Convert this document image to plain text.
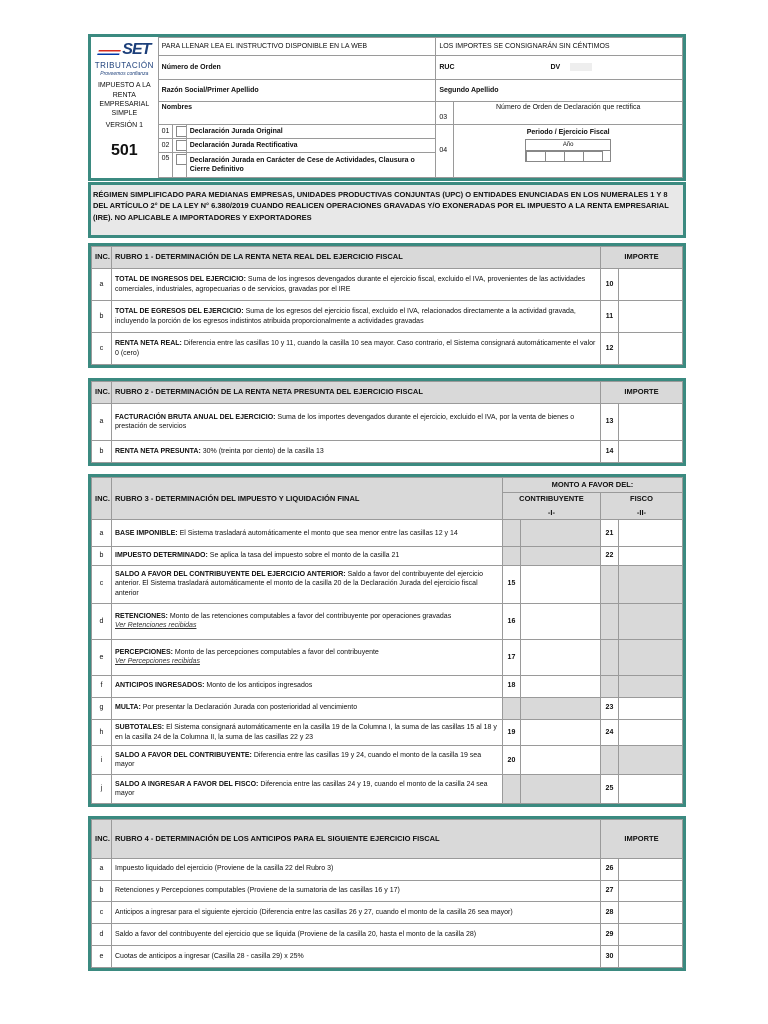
SET
TRIBUTACIÓN
Proveemos confianza	PARA LLENAR LEA EL INSTRUCTIVO DISPONIBLE EN LA WEB			LOS IMPORTES SE CONSIGNARÁN SIN CÉNTIMOS	
	Número de Orden			RUC DV	

IMPUESTO A LA RENTA EMPRESARIAL SIMPLE
VERSIÓN 1
501	Razón Social/Primer Apellido			Segundo Apellido	
	Nombres			03	Número de Orden de Declaración que rectifica
	01		Declaración Jurada Original	04	Periodo / Ejercicio Fiscal
Año

	02		Declaración Jurada Rectificativa		
	05		Declaración Jurada en Carácter de Cese de Actividades, Clausura o Cierre Definitivo		
RÉGIMEN SIMPLIFICADO PARA MEDIANAS EMPRESAS, UNIDADES PRODUCTIVAS CONJUNTAS (UPC) O ENTIDADES ENUNCIADAS EN LOS NUMERALES 1 Y 8 DEL ARTÍCULO 2° DE LA LEY N° 6.380/2019 CUANDO REALICEN OPERACIONES GRAVADAS Y/O EXONERADAS POR EL IMPUESTO A LA RENTA EMPRESARIAL (IRE). NO APLICABLE A IMPORTADORES Y EXPORTADORES
INC.	RUBRO 1 - DETERMINACIÓN DE LA RENTA NETA REAL DEL EJERCICIO FISCAL	IMPORTE	
a	TOTAL DE INGRESOS DEL EJERCICIO: Suma de los ingresos devengados durante el ejercicio fiscal, excluido el IVA, provenientes de las actividades comerciales, industriales, agropecuarias o de servicios, gravadas por el IRE	10	
b	TOTAL DE EGRESOS DEL EJERCICIO: Suma de los egresos del ejercicio fiscal, excluido el IVA, relacionados directamente a la actividad gravada, incluyendo la porción de los egresos indistintos atribuida proporcionalmente a actividades gravadas	11	
c	RENTA NETA REAL: Diferencia entre las casillas 10 y 11, cuando la casilla 10 sea mayor. Caso contrario, el Sistema consignará automáticamente el valor 0 (cero)	12	
INC.	RUBRO 2 - DETERMINACIÓN DE LA RENTA NETA PRESUNTA DEL EJERCICIO FISCAL	IMPORTE	
a	FACTURACIÓN BRUTA ANUAL DEL EJERCICIO: Suma de los importes devengados durante el ejercicio, excluido el IVA, por la venta de bienes o prestación de servicios	13	
b	RENTA NETA PRESUNTA: 30% (treinta por ciento) de la casilla 13	14	
INC.	RUBRO 3 - DETERMINACIÓN DEL IMPUESTO Y LIQUIDACIÓN FINAL	MONTO A FAVOR DEL:			
		CONTRIBUYENTE		FISCO	
		-I-		-II-	
a	BASE IMPONIBLE: El Sistema trasladará automáticamente el monto que sea menor entre las casillas 12 y 14			21	
b	IMPUESTO DETERMINADO: Se aplica la tasa del impuesto sobre el monto de la casilla 21			22	
c	SALDO A FAVOR DEL CONTRIBUYENTE DEL EJERCICIO ANTERIOR: Saldo a favor del contribuyente del ejercicio anterior. El Sistema trasladará automáticamente el monto de la casilla 20 de la Declaración Jurada del ejercicio fiscal anterior	15			
d	RETENCIONES: Monto de las retenciones computables a favor del contribuyente por operaciones gravadas
Ver Retenciones recibidas	16			
e	PERCEPCIONES: Monto de las percepciones computables a favor del contribuyente
Ver Percepciones recibidas	17			
f	ANTICIPOS INGRESADOS: Monto de los anticipos ingresados	18			
g	MULTA: Por presentar la Declaración Jurada con posterioridad al vencimiento			23	
h	SUBTOTALES: El Sistema consignará automáticamente en la casilla 19 de la Columna I, la suma de las casillas 15 al 18 y en la casilla 24 de la Columna II, la suma de las casillas 22 y 23	19		24	
i	SALDO A FAVOR DEL CONTRIBUYENTE: Diferencia entre las casillas 19 y 24, cuando el monto de la casilla 19 sea mayor	20			
j	SALDO A INGRESAR A FAVOR DEL FISCO: Diferencia entre las casillas 24 y 19, cuando el monto de la casilla 24 sea mayor			25	
INC.	RUBRO 4 - DETERMINACIÓN DE LOS ANTICIPOS PARA EL SIGUIENTE EJERCICIO FISCAL	IMPORTE	
a	Impuesto liquidado del ejercicio (Proviene de la casilla 22 del Rubro 3)	26	
b	Retenciones y Percepciones computables (Proviene de la sumatoria de las casillas 16 y 17)	27	
c	Anticipos a ingresar para el siguiente ejercicio (Diferencia entre las casillas 26 y 27, cuando el monto de la casilla 26 sea mayor)	28	
d	Saldo a favor del contribuyente del ejercicio que se liquida (Proviene de la casilla 20, hasta el monto de la casilla 28)	29	
e	Cuotas de anticipos a ingresar (Casilla 28 - casilla 29) x 25%	30	
